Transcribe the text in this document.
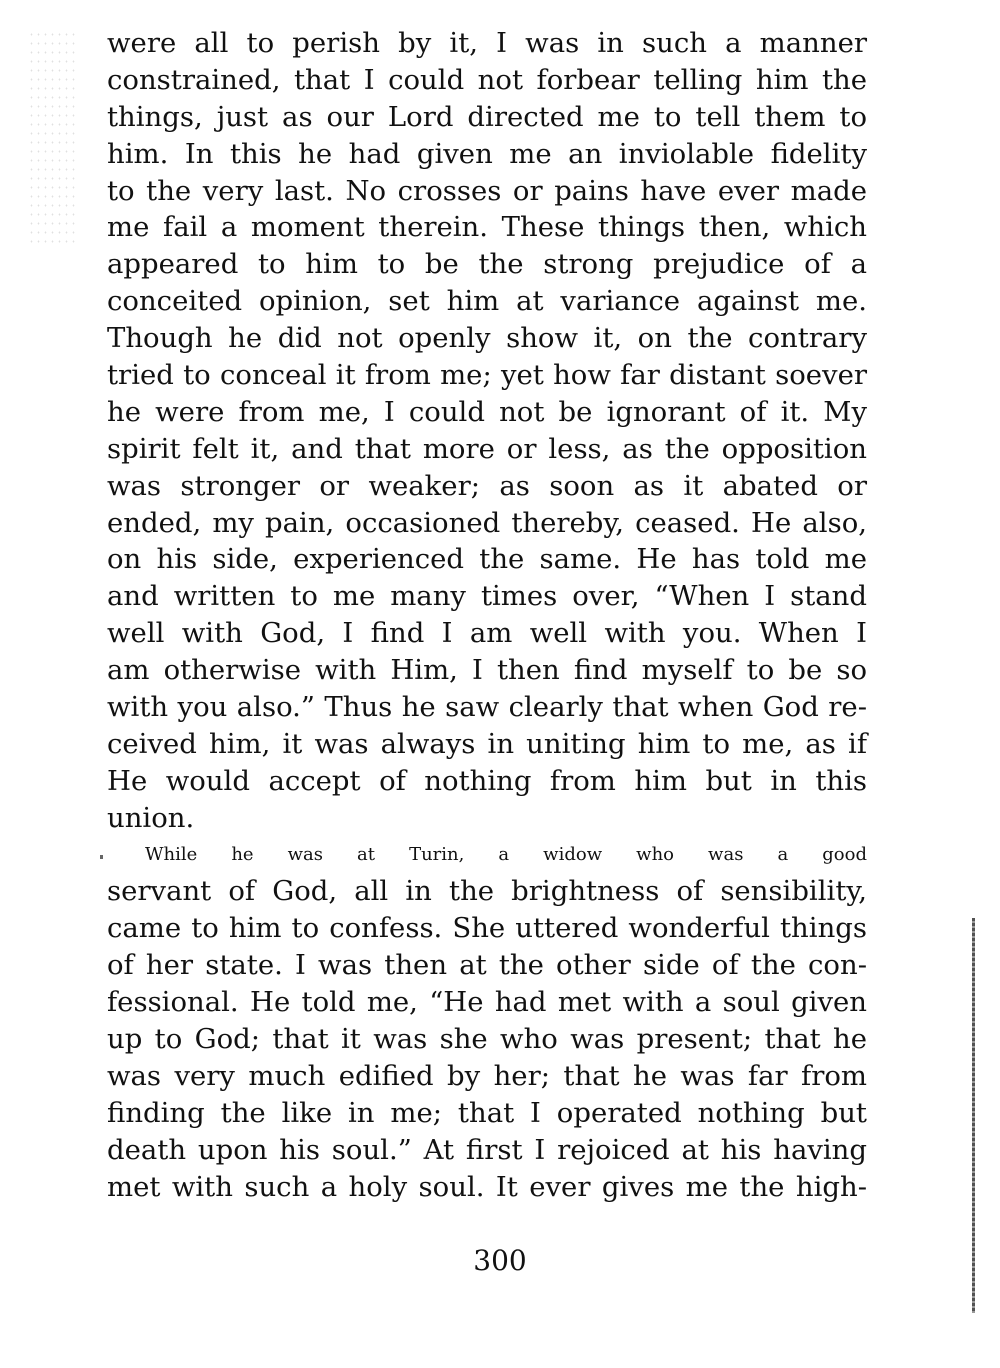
were all to perish by it, I was in such a manner
constrained, that I could not forbear telling him the
things, just as our Lord directed me to tell them to
him. In this he had given me an inviolable fidelity
to the very last. No crosses or pains have ever made
me fail a moment therein. These things then, which
appeared to him to be the strong prejudice of a
conceited opinion, set him at variance against me.
Though he did not openly show it, on the contrary
tried to conceal it from me; yet how far distant soever
he were from me, I could not be ignorant of it. My
spirit felt it, and that more or less, as the opposition
was stronger or weaker; as soon as it abated or
ended, my pain, occasioned thereby, ceased. He also,
on his side, experienced the same. He has told me
and written to me many times over, “When I stand
well with God, I find I am well with you. When I
am otherwise with Him, I then find myself to be so
with you also.” Thus he saw clearly that when God re-
ceived him, it was always in uniting him to me, as if
He would accept of nothing from him but in this
union.
While he was at Turin, a widow who was a good
servant of God, all in the brightness of sensibility,
came to him to confess. She uttered wonderful things
of her state. I was then at the other side of the con-
fessional. He told me, “He had met with a soul given
up to God; that it was she who was present; that he
was very much edified by her; that he was far from
finding the like in me; that I operated nothing but
death upon his soul.” At first I rejoiced at his having
met with such a holy soul. It ever gives me the high-
300
